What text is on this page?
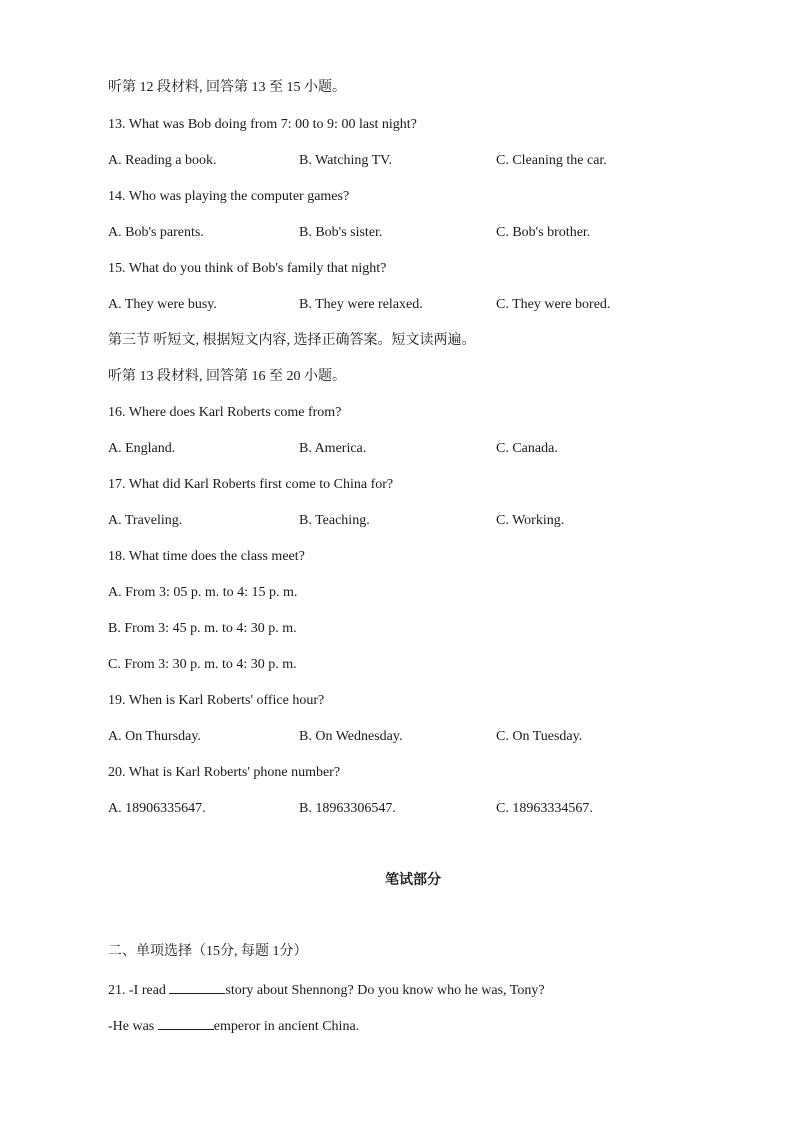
听第 12 段材料, 回答第 13 至 15 小题。
13. What was Bob doing from 7: 00 to 9: 00 last night?
A. Reading a book.	B. Watching TV.	C. Cleaning the car.
14. Who was playing the computer games?
A. Bob's parents.	B. Bob's sister.	C. Bob's brother.
15. What do you think of Bob's family that night?
A. They were busy.	B. They were relaxed.	C. They were bored.
第三节 听短文, 根据短文内容, 选择正确答案。短文读两遍。
听第 13 段材料, 回答第 16 至 20 小题。
16. Where does Karl Roberts come from?
A. England.	B. America.	C. Canada.
17. What did Karl Roberts first come to China for?
A. Traveling.	B. Teaching.	C. Working.
18. What time does the class meet?
A. From 3: 05 p. m. to 4: 15 p. m.
B. From 3: 45 p. m. to 4: 30 p. m.
C. From 3: 30 p. m. to 4: 30 p. m.
19. When is Karl Roberts' office hour?
A. On Thursday.	B. On Wednesday.	C. On Tuesday.
20. What is Karl Roberts' phone number?
A. 18906335647.	B. 18963306547.	C. 18963334567.
笔试部分
二、单项选择（15分, 每题 1分）
21. -I read	story about Shennong? Do you know who he was, Tony?
-He was	emperor in ancient China.
